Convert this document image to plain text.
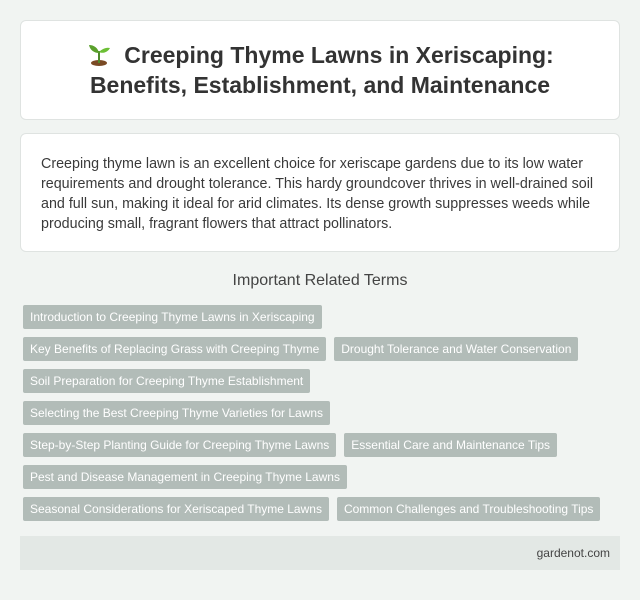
Creeping Thyme Lawns in Xeriscaping: Benefits, Establishment, and Maintenance

Creeping thyme lawn is an excellent choice for xeriscape gardens due to its low water requirements and drought tolerance. This hardy groundcover thrives in well-drained soil and full sun, making it ideal for arid climates. Its dense growth suppresses weeds while producing small, fragrant flowers that attract pollinators.

Important Related Terms
Introduction to Creeping Thyme Lawns in Xeriscaping
Key Benefits of Replacing Grass with Creeping Thyme	Drought Tolerance and Water Conservation
Soil Preparation for Creeping Thyme Establishment
Selecting the Best Creeping Thyme Varieties for Lawns
Step-by-Step Planting Guide for Creeping Thyme Lawns	Essential Care and Maintenance Tips
Pest and Disease Management in Creeping Thyme Lawns
Seasonal Considerations for Xeriscaped Thyme Lawns	Common Challenges and Troubleshooting Tips
gardenot.com
